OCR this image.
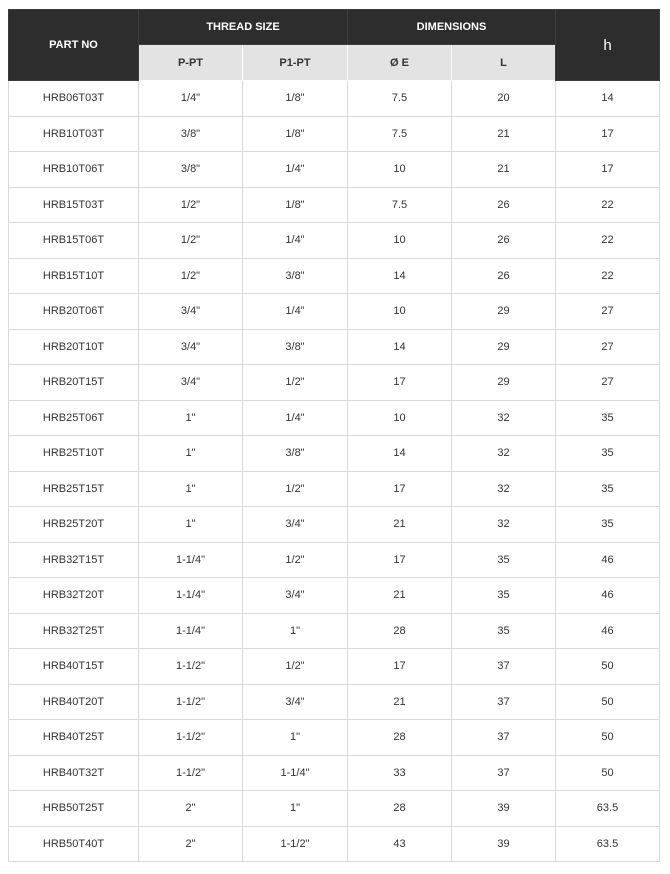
PART NO	THREAD SIZE		DIMENSIONS		h
	P-PT	P1-PT	Ø E	L	
HRB06T03T	1/4"	1/8"	7.5	20	14
HRB10T03T	3/8"	1/8"	7.5	21	17
HRB10T06T	3/8"	1/4"	10	21	17
HRB15T03T	1/2"	1/8"	7.5	26	22
HRB15T06T	1/2"	1/4"	10	26	22
HRB15T10T	1/2"	3/8"	14	26	22
HRB20T06T	3/4"	1/4"	10	29	27
HRB20T10T	3/4"	3/8"	14	29	27
HRB20T15T	3/4"	1/2"	17	29	27
HRB25T06T	1"	1/4"	10	32	35
HRB25T10T	1"	3/8"	14	32	35
HRB25T15T	1"	1/2"	17	32	35
HRB25T20T	1"	3/4"	21	32	35
HRB32T15T	1-1/4"	1/2"	17	35	46
HRB32T20T	1-1/4"	3/4"	21	35	46
HRB32T25T	1-1/4"	1"	28	35	46
HRB40T15T	1-1/2"	1/2"	17	37	50
HRB40T20T	1-1/2"	3/4"	21	37	50
HRB40T25T	1-1/2"	1"	28	37	50
HRB40T32T	1-1/2"	1-1/4"	33	37	50
HRB50T25T	2"	1"	28	39	63.5
HRB50T40T	2"	1-1/2"	43	39	63.5
